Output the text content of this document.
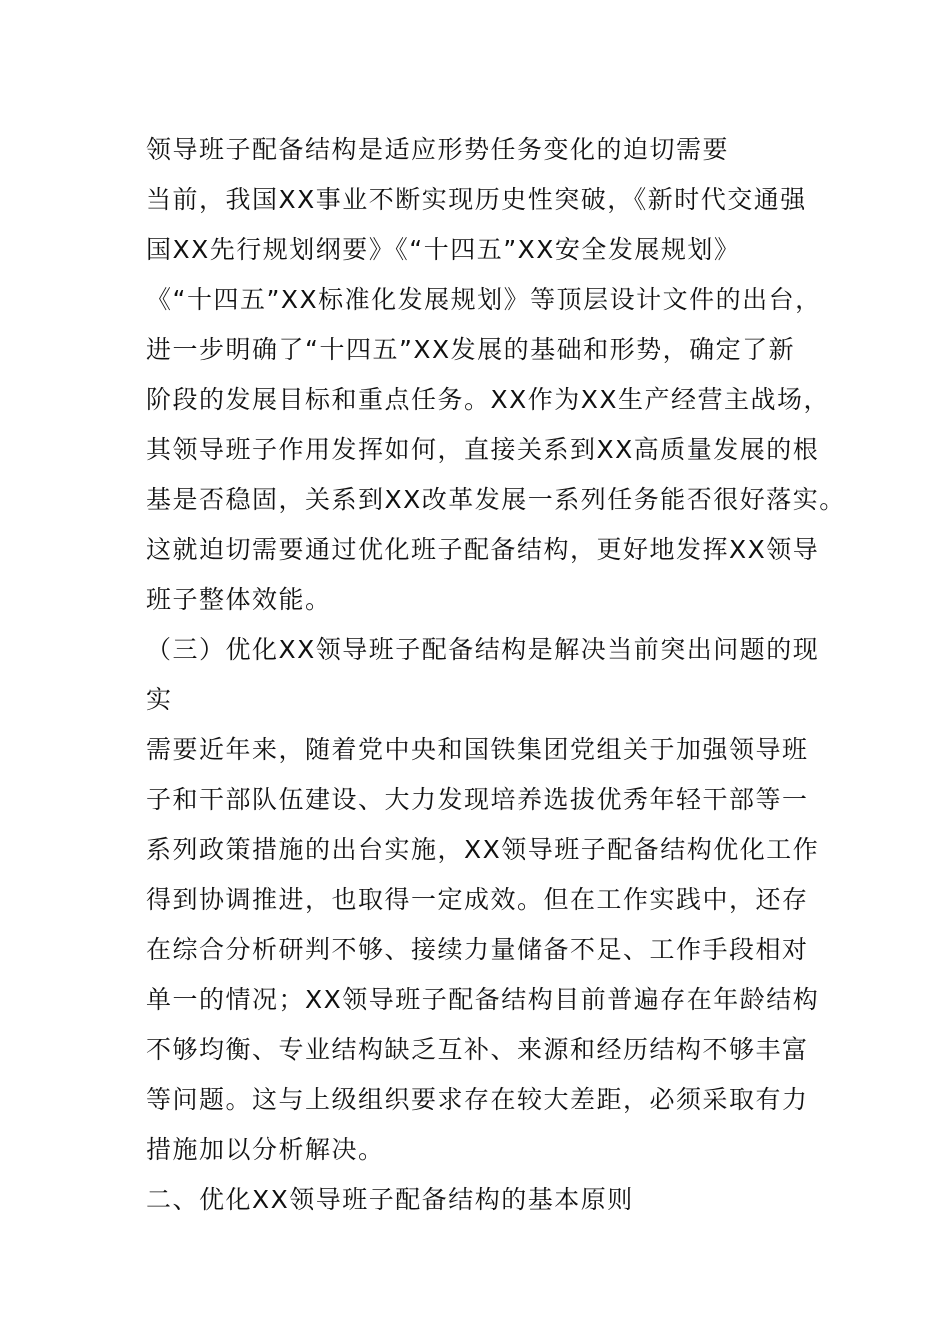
领导班子配备结构是适应形势任务变化的迫切需要
当前，我国XX事业不断实现历史性突破，《新时代交通强
国XX先行规划纲要》《“十四五”XX安全发展规划》
《“十四五”XX标准化发展规划》等顶层设计文件的出台，
进一步明确了“十四五”XX发展的基础和形势，确定了新
阶段的发展目标和重点任务。XX作为XX生产经营主战场，
其领导班子作用发挥如何，直接关系到XX高质量发展的根
基是否稳固，关系到XX改革发展一系列任务能否很好落实。
这就迫切需要通过优化班子配备结构，更好地发挥XX领导
班子整体效能。
（三）优化XX领导班子配备结构是解决当前突出问题的现
实
需要近年来，随着党中央和国铁集团党组关于加强领导班
子和干部队伍建设、大力发现培养选拔优秀年轻干部等一
系列政策措施的出台实施，XX领导班子配备结构优化工作
得到协调推进，也取得一定成效。但在工作实践中，还存
在综合分析研判不够、接续力量储备不足、工作手段相对
单一的情况；XX领导班子配备结构目前普遍存在年龄结构
不够均衡、专业结构缺乏互补、来源和经历结构不够丰富
等问题。这与上级组织要求存在较大差距，必须采取有力
措施加以分析解决。
二、优化XX领导班子配备结构的基本原则
